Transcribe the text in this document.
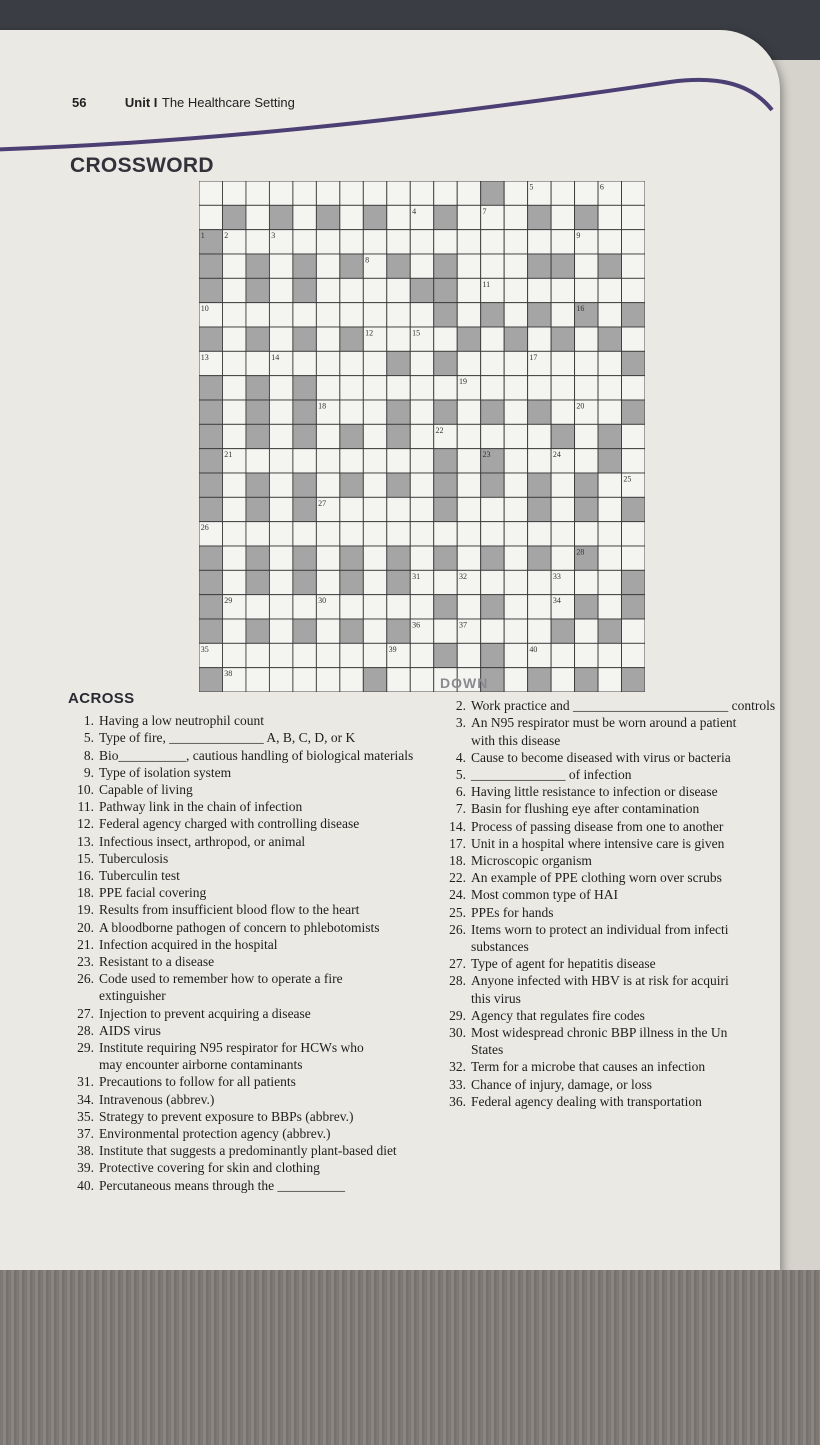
56	Unit I The Healthcare Setting
CROSSWORD
1 2	3
4
5	6
7
8
9
10
11
12
13	14
15
16
17
18
19
20
21
22
23	24
25
26
27
28
29	30
31	32	33
34
35
36	37
38
39	40
ACROSS
1. Having a low neutrophil count
5. Type of fire, ______________ A, B, C, D, or K
8. Bio__________, cautious handling of biological materials
9. Type of isolation system
10. Capable of living
11. Pathway link in the chain of infection
12. Federal agency charged with controlling disease
13. Infectious insect, arthropod, or animal
15. Tuberculosis
16. Tuberculin test
18. PPE facial covering
19. Results from insufficient blood flow to the heart
20. A bloodborne pathogen of concern to phlebotomists
21. Infection acquired in the hospital
23. Resistant to a disease
26. Code used to remember how to operate a fire
extinguisher
27. Injection to prevent acquiring a disease
28. AIDS virus
29. Institute requiring N95 respirator for HCWs who
may encounter airborne contaminants
31. Precautions to follow for all patients
34. Intravenous (abbrev.)
35. Strategy to prevent exposure to BBPs (abbrev.)
37. Environmental protection agency (abbrev.)
38. Institute that suggests a predominantly plant-based diet
39. Protective covering for skin and clothing
40. Percutaneous means through the __________
DOWN
2. Work practice and _______________________ controls
3. An N95 respirator must be worn around a patient
with this disease
4. Cause to become diseased with virus or bacteria
5. ______________ of infection
6. Having little resistance to infection or disease
7. Basin for flushing eye after contamination
14. Process of passing disease from one to another
17. Unit in a hospital where intensive care is given
18. Microscopic organism
22. An example of PPE clothing worn over scrubs
24. Most common type of HAI
25. PPEs for hands
26. Items worn to protect an individual from infecti
substances
27. Type of agent for hepatitis disease
28. Anyone infected with HBV is at risk for acquiri
this virus
29. Agency that regulates fire codes
30. Most widespread chronic BBP illness in the Un
States
32. Term for a microbe that causes an infection
33. Chance of injury, damage, or loss
36. Federal agency dealing with transportation
